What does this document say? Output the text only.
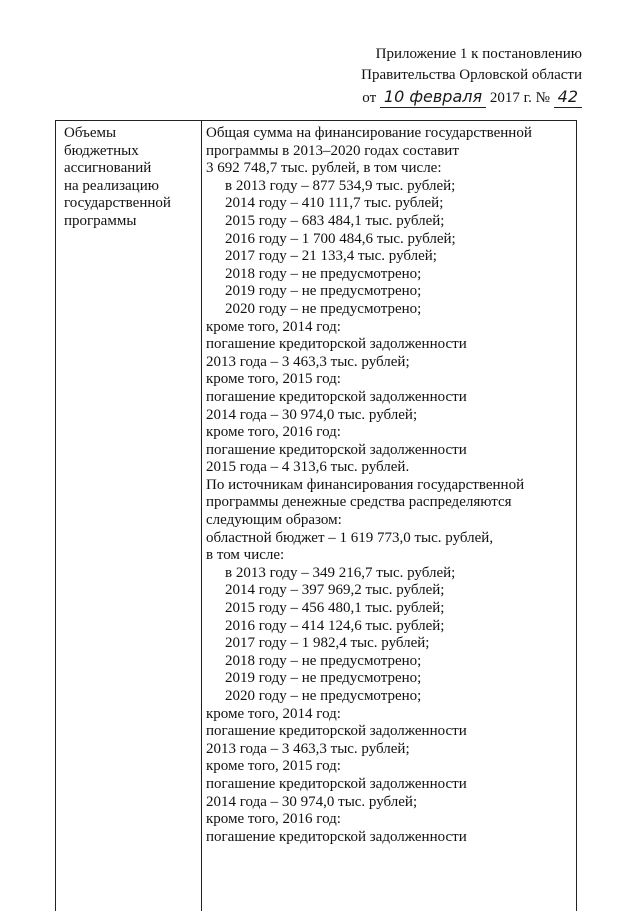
Приложение 1 к постановлению
Правительства Орловской области
от 10 февраля 2017 г. № 42
Объемы
бюджетных
ассигнований
на реализацию
государственной
программы
Общая сумма на финансирование государственной
программы в 2013–2020 годах составит
3 692 748,7 тыс. рублей, в том числе:
в 2013 году – 877 534,9 тыс. рублей;
2014 году – 410 111,7 тыс. рублей;
2015 году – 683 484,1 тыс. рублей;
2016 году – 1 700 484,6 тыс. рублей;
2017 году – 21 133,4 тыс. рублей;
2018 году – не предусмотрено;
2019 году – не предусмотрено;
2020 году – не предусмотрено;
кроме того, 2014 год:
погашение кредиторской задолженности
2013 года – 3 463,3 тыс. рублей;
кроме того, 2015 год:
погашение кредиторской задолженности
2014 года – 30 974,0 тыс. рублей;
кроме того, 2016 год:
погашение кредиторской задолженности
2015 года – 4 313,6 тыс. рублей.
По источникам финансирования государственной
программы денежные средства распределяются
следующим образом:
областной бюджет – 1 619 773,0 тыс. рублей,
в том числе:
в 2013 году – 349 216,7 тыс. рублей;
2014 году – 397 969,2 тыс. рублей;
2015 году – 456 480,1 тыс. рублей;
2016 году – 414 124,6 тыс. рублей;
2017 году – 1 982,4 тыс. рублей;
2018 году – не предусмотрено;
2019 году – не предусмотрено;
2020 году – не предусмотрено;
кроме того, 2014 год:
погашение кредиторской задолженности
2013 года – 3 463,3 тыс. рублей;
кроме того, 2015 год:
погашение кредиторской задолженности
2014 года – 30 974,0 тыс. рублей;
кроме того, 2016 год:
погашение кредиторской задолженности
